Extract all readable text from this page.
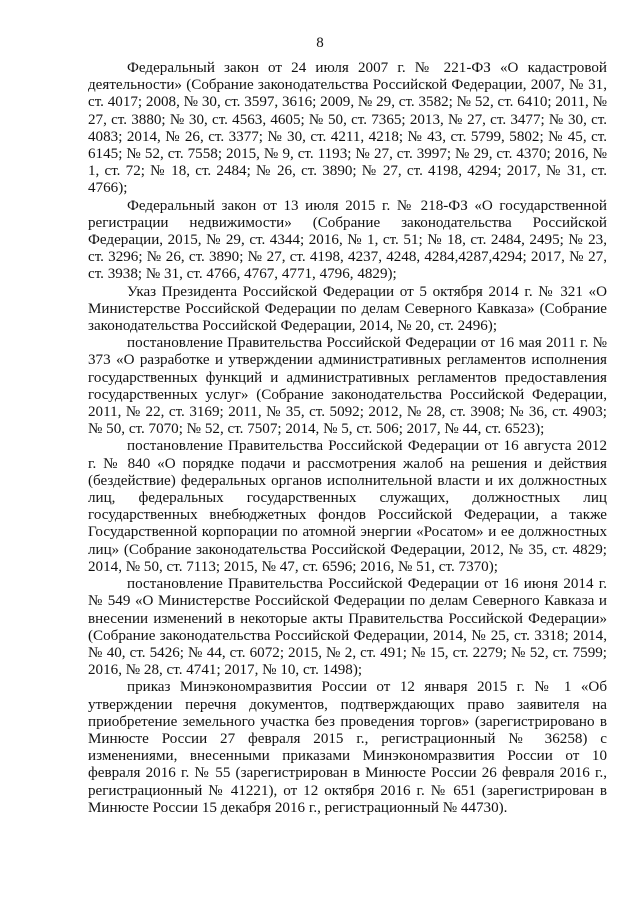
8

Федеральный закон от 24 июля 2007 г. № 221-ФЗ «О кадастровой деятельности» (Собрание законодательства Российской Федерации, 2007, № 31, ст. 4017; 2008, № 30, ст. 3597, 3616; 2009, № 29, ст. 3582; № 52, ст. 6410; 2011, № 27, ст. 3880; № 30, ст. 4563, 4605; № 50, ст. 7365; 2013, № 27, ст. 3477; № 30, ст. 4083; 2014, № 26, ст. 3377; № 30, ст. 4211, 4218; № 43, ст. 5799, 5802; № 45, ст. 6145; № 52, ст. 7558; 2015, № 9, ст. 1193; № 27, ст. 3997; № 29, ст. 4370; 2016, № 1, ст. 72; № 18, ст. 2484; № 26, ст. 3890; № 27, ст. 4198, 4294; 2017, № 31, ст. 4766);

Федеральный закон от 13 июля 2015 г. № 218-ФЗ «О государственной регистрации недвижимости» (Собрание законодательства Российской Федерации, 2015, № 29, ст. 4344; 2016, № 1, ст. 51; № 18, ст. 2484, 2495; № 23, ст. 3296; № 26, ст. 3890; № 27, ст. 4198, 4237, 4248, 4284,4287,4294; 2017, № 27, ст. 3938; № 31, ст. 4766, 4767, 4771, 4796, 4829);

Указ Президента Российской Федерации от 5 октября 2014 г. № 321 «О Министерстве Российской Федерации по делам Северного Кавказа» (Собрание законодательства Российской Федерации, 2014, № 20, ст. 2496);

постановление Правительства Российской Федерации от 16 мая 2011 г. № 373 «О разработке и утверждении административных регламентов исполнения государственных функций и административных регламентов предоставления государственных услуг» (Собрание законодательства Российской Федерации, 2011, № 22, ст. 3169; 2011, № 35, ст. 5092; 2012, № 28, ст. 3908; № 36, ст. 4903; № 50, ст. 7070; № 52, ст. 7507; 2014, № 5, ст. 506; 2017, № 44, ст. 6523);

постановление Правительства Российской Федерации от 16 августа 2012 г. № 840 «О порядке подачи и рассмотрения жалоб на решения и действия (бездействие) федеральных органов исполнительной власти и их должностных лиц, федеральных государственных служащих, должностных лиц государственных внебюджетных фондов Российской Федерации, а также Государственной корпорации по атомной энергии «Росатом» и ее должностных лиц» (Собрание законодательства Российской Федерации, 2012, № 35, ст. 4829; 2014, № 50, ст. 7113; 2015, № 47, ст. 6596; 2016, № 51, ст. 7370);

постановление Правительства Российской Федерации от 16 июня 2014 г. № 549 «О Министерстве Российской Федерации по делам Северного Кавказа и внесении изменений в некоторые акты Правительства Российской Федерации» (Собрание законодательства Российской Федерации, 2014, № 25, ст. 3318; 2014, № 40, ст. 5426; № 44, ст. 6072; 2015, № 2, ст. 491; № 15, ст. 2279; № 52, ст. 7599; 2016, № 28, ст. 4741; 2017, № 10, ст. 1498);

приказ Минэкономразвития России от 12 января 2015 г. № 1 «Об утверждении перечня документов, подтверждающих право заявителя на приобретение земельного участка без проведения торгов» (зарегистрировано в Минюсте России 27 февраля 2015 г., регистрационный № 36258) с изменениями, внесенными приказами Минэкономразвития России от 10 февраля 2016 г. № 55 (зарегистрирован в Минюсте России 26 февраля 2016 г., регистрационный № 41221), от 12 октября 2016 г. № 651 (зарегистрирован в Минюсте России 15 декабря 2016 г., регистрационный № 44730).
